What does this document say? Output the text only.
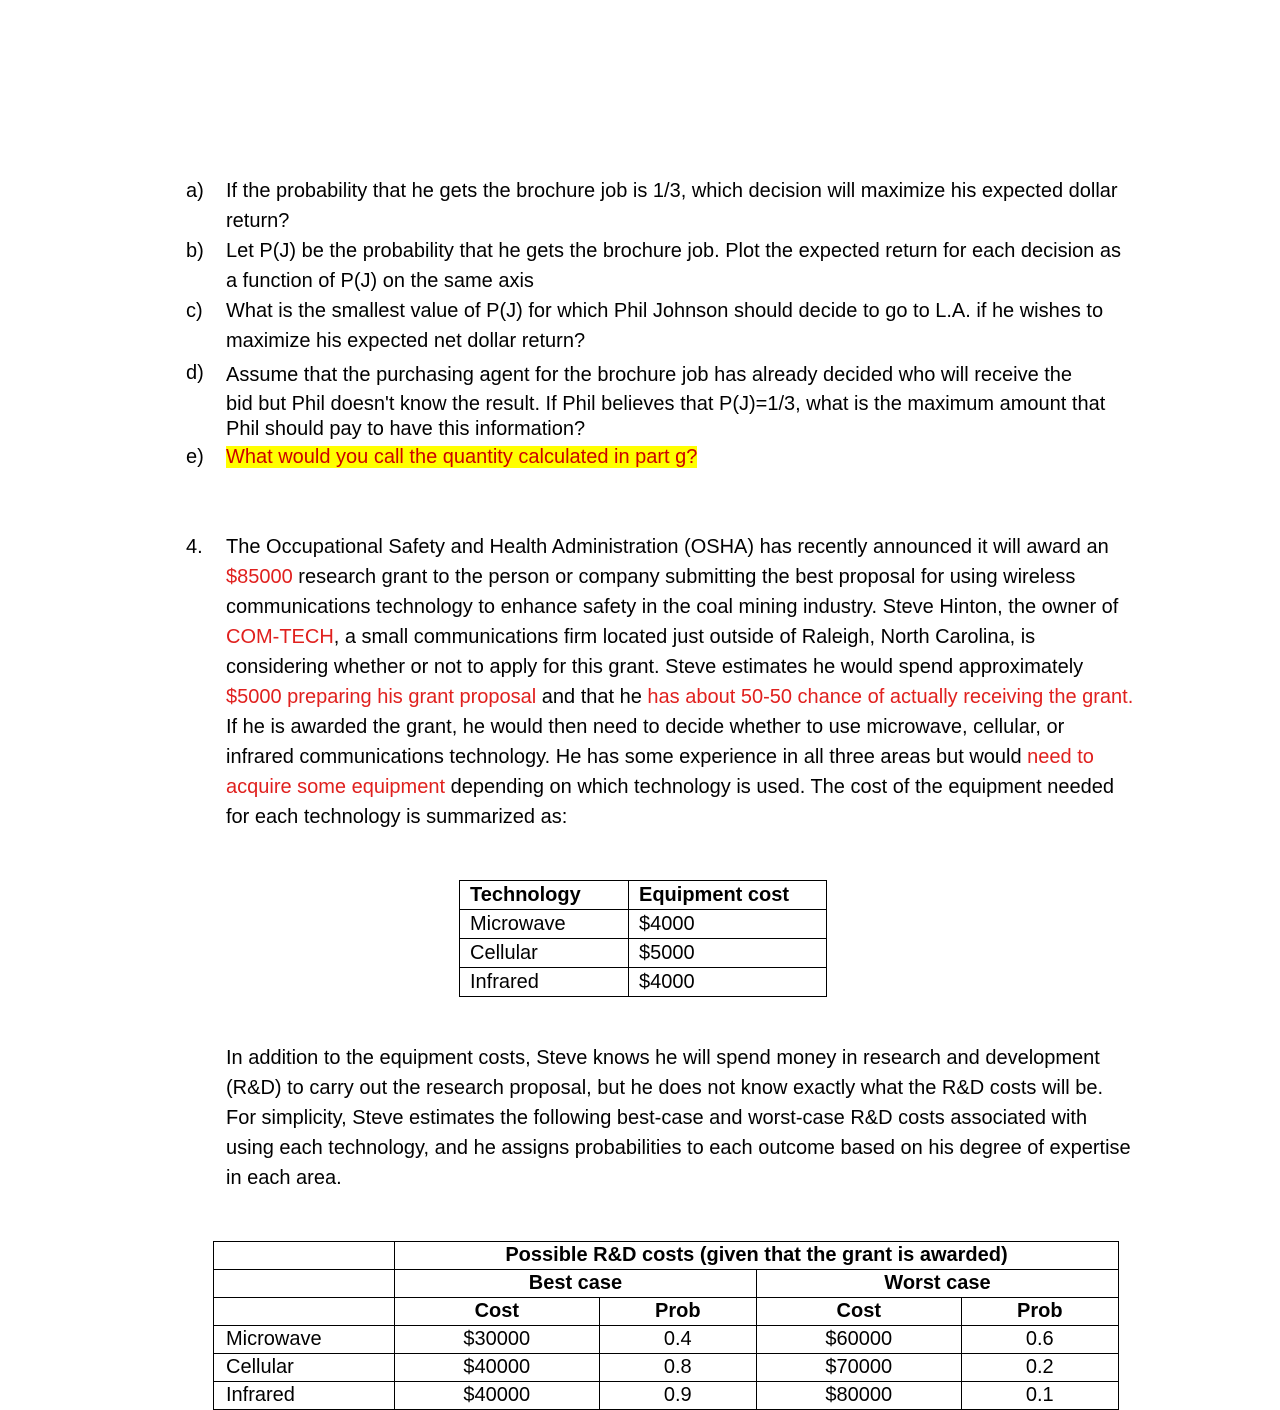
a)	If the probability that he gets the brochure job is 1/3, which decision will maximize his expected dollar return?
b)	Let P(J) be the probability that he gets the brochure job. Plot the expected return for each decision as a function of P(J) on the same axis
c)	What is the smallest value of P(J) for which Phil Johnson should decide to go to L.A. if he wishes to maximize his expected net dollar return?
d)	Assume that the purchasing agent for the brochure job has already decided who will receive the
bid but Phil doesn't know the result. If Phil believes that P(J)=1/3, what is the maximum amount that Phil should pay to have this information?
e)	What would you call the quantity calculated in part g?
4.	The Occupational Safety and Health Administration (OSHA) has recently announced it will award an $85000 research grant to the person or company submitting the best proposal for using wireless communications technology to enhance safety in the coal mining industry. Steve Hinton, the owner of COM-TECH, a small communications firm located just outside of Raleigh, North Carolina, is considering whether or not to apply for this grant. Steve estimates he would spend approximately $5000 preparing his grant proposal and that he has about 50-50 chance of actually receiving the grant. If he is awarded the grant, he would then need to decide whether to use microwave, cellular, or infrared communications technology. He has some experience in all three areas but would need to acquire some equipment depending on which technology is used. The cost of the equipment needed for each technology is summarized as:
Technology	Equipment cost
Microwave	$4000
Cellular	$5000
Infrared	$4000
In addition to the equipment costs, Steve knows he will spend money in research and development (R&D) to carry out the research proposal, but he does not know exactly what the R&D costs will be. For simplicity, Steve estimates the following best-case and worst-case R&D costs associated with using each technology, and he assigns probabilities to each outcome based on his degree of expertise in each area.
	Possible R&D costs (given that the grant is awarded)			
	Best case		Worst case	
	Cost	Prob	Cost	Prob
Microwave	$30000	0.4	$60000	0.6
Cellular	$40000	0.8	$70000	0.2
Infrared	$40000	0.9	$80000	0.1
